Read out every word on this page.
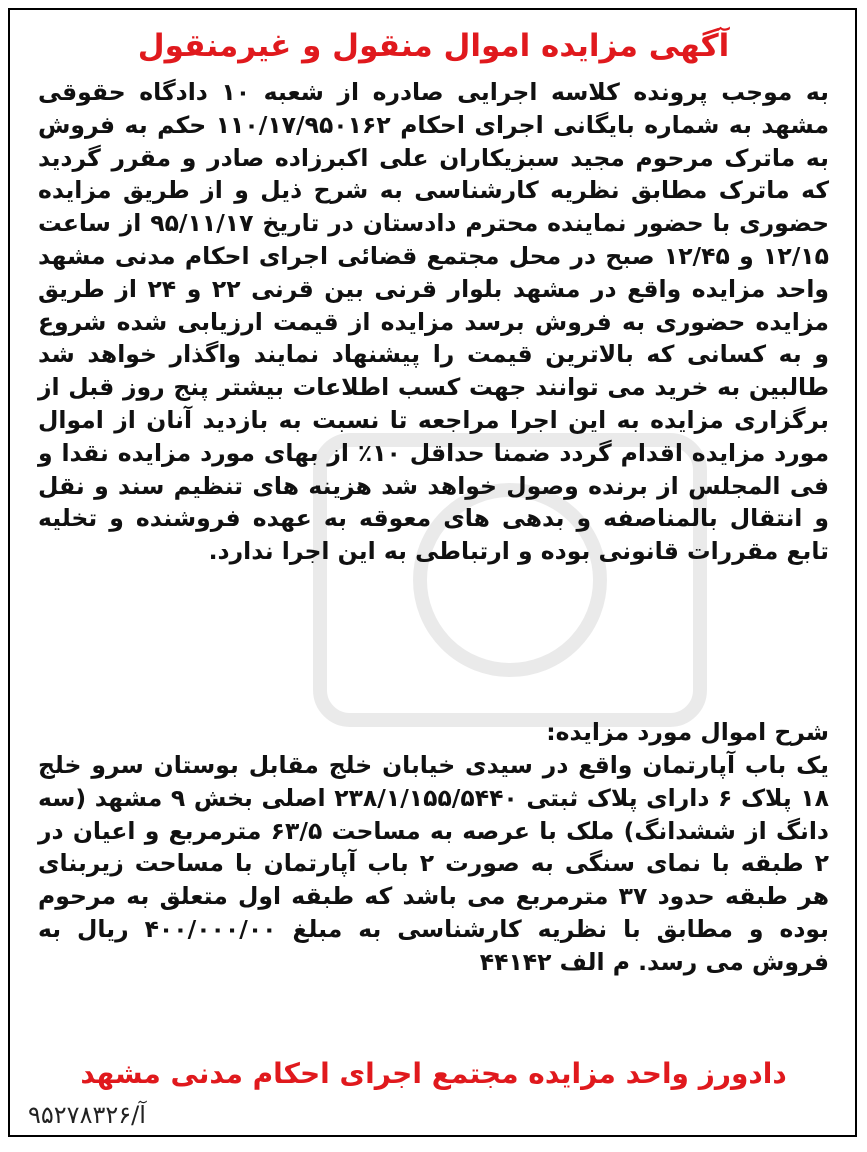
آگهی مزایده اموال منقول و غیرمنقول

به موجب پرونده کلاسه اجرایی صادره از شعبه ۱۰ دادگاه حقوقی مشهد به شماره بایگانی اجرای احکام ۱۱۰/۱۷/۹۵۰۱۶۲ حکم به فروش به ماترک مرحوم مجید سبزیکاران علی اکبرزاده صادر و مقرر گردید که ماترک مطابق نظریه کارشناسی به شرح ذیل و از طریق مزایده حضوری با حضور نماینده محترم دادستان در تاریخ ۹۵/۱۱/۱۷ از ساعت ۱۲/۱۵ و ۱۲/۴۵ صبح در محل مجتمع قضائی اجرای احکام مدنی مشهد واحد مزایده واقع در مشهد بلوار قرنی بین قرنی ۲۲ و ۲۴ از طریق مزایده حضوری به فروش برسد مزایده از قیمت ارزیابی شده شروع و به کسانی که بالاترین قیمت را پیشنهاد نمایند واگذار خواهد شد طالبین به خرید می توانند جهت کسب اطلاعات بیشتر پنج روز قبل از برگزاری مزایده به این اجرا مراجعه تا نسبت به بازدید آنان از اموال مورد مزایده اقدام گردد ضمنا حداقل ۱۰٪ از بهای مورد مزایده نقدا و فی المجلس از برنده وصول خواهد شد هزینه های تنظیم سند و نقل و انتقال بالمناصفه و بدهی های معوقه به عهده فروشنده و تخلیه تابع مقررات قانونی بوده و ارتباطی به این اجرا ندارد.

شرح اموال مورد مزایده:

یک باب آپارتمان واقع در سیدی خیابان خلج مقابل بوستان سرو خلج ۱۸ پلاک ۶ دارای پلاک ثبتی ۲۳۸/۱/۱۵۵/۵۴۴۰ اصلی بخش ۹ مشهد (سه دانگ از ششدانگ) ملک با عرصه به مساحت ۶۳/۵ مترمربع و اعیان در ۲ طبقه با نمای سنگی به صورت ۲ باب آپارتمان با مساحت زیربنای هر طبقه حدود ۳۷ مترمربع می باشد که طبقه اول متعلق به مرحوم بوده و مطابق با نظریه کارشناسی به مبلغ ۴۰۰/۰۰۰/۰۰ ریال به فروش می رسد. م الف ۴۴۱۴۲

دادورز واحد مزایده مجتمع اجرای احکام مدنی مشهد

آ/۹۵۲۷۸۳۲۶
